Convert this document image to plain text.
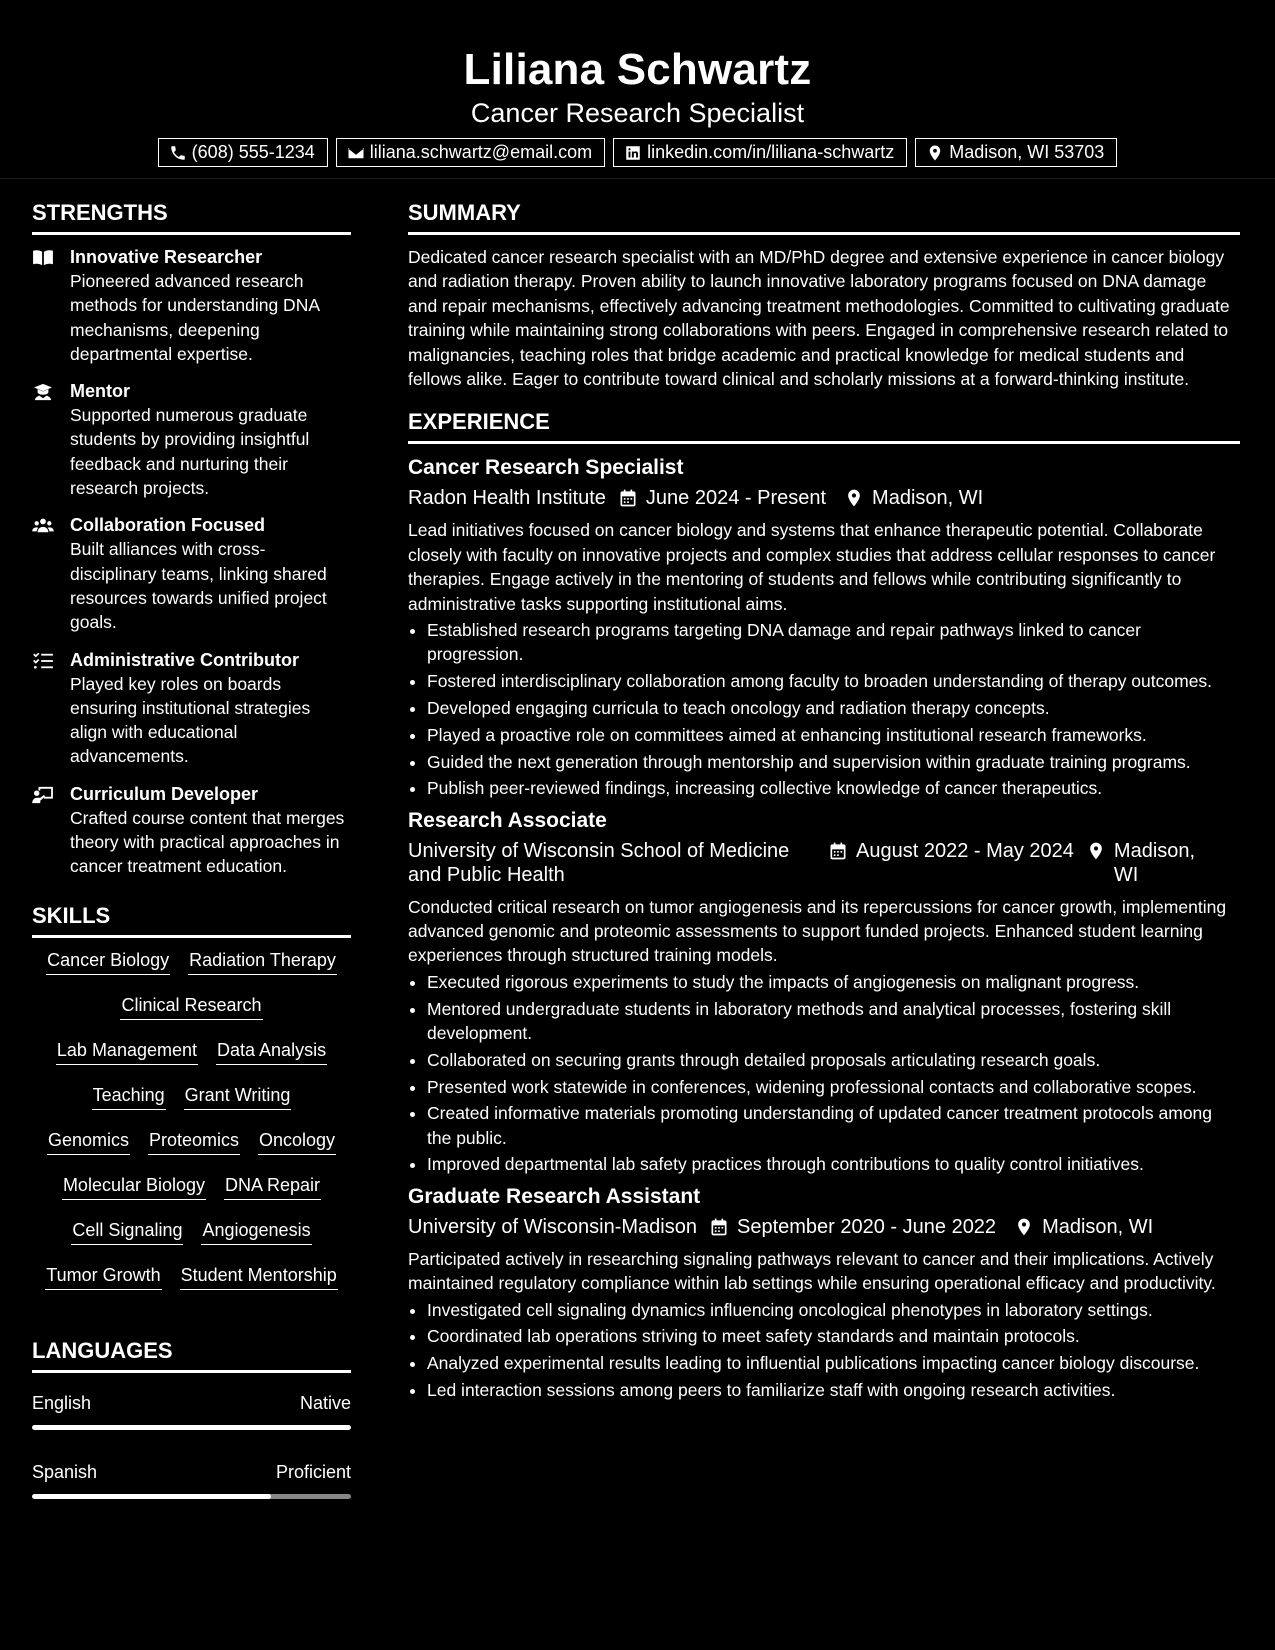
Liliana Schwartz
Cancer Research Specialist
(608) 555-1234	liliana.schwartz@email.com	linkedin.com/in/liliana-schwartz	Madison, WI 53703
STRENGTHS
Innovative Researcher
Pioneered advanced research methods for understanding DNA mechanisms, deepening departmental expertise.
Mentor
Supported numerous graduate students by providing insightful feedback and nurturing their research projects.
Collaboration Focused
Built alliances with cross-disciplinary teams, linking shared resources towards unified project goals.
Administrative Contributor
Played key roles on boards ensuring institutional strategies align with educational advancements.
Curriculum Developer
Crafted course content that merges theory with practical approaches in cancer treatment education.
SKILLS
Cancer Biology Radiation Therapy
Clinical Research
Lab Management Data Analysis
Teaching Grant Writing
Genomics Proteomics Oncology
Molecular Biology DNA Repair
Cell Signaling Angiogenesis
Tumor Growth Student Mentorship
LANGUAGES
English	Native
Spanish	Proficient
SUMMARY
Dedicated cancer research specialist with an MD/PhD degree and extensive experience in cancer biology and radiation therapy. Proven ability to launch innovative laboratory programs focused on DNA damage and repair mechanisms, effectively advancing treatment methodologies. Committed to cultivating graduate training while maintaining strong collaborations with peers. Engaged in comprehensive research related to malignancies, teaching roles that bridge academic and practical knowledge for medical students and fellows alike. Eager to contribute toward clinical and scholarly missions at a forward-thinking institute.
EXPERIENCE
Cancer Research Specialist
Radon Health Institute June 2024 - Present Madison, WI
Lead initiatives focused on cancer biology and systems that enhance therapeutic potential. Collaborate closely with faculty on innovative projects and complex studies that address cellular responses to cancer therapies. Engage actively in the mentoring of students and fellows while contributing significantly to administrative tasks supporting institutional aims.
• Established research programs targeting DNA damage and repair pathways linked to cancer progression.
• Fostered interdisciplinary collaboration among faculty to broaden understanding of therapy outcomes.
• Developed engaging curricula to teach oncology and radiation therapy concepts.
• Played a proactive role on committees aimed at enhancing institutional research frameworks.
• Guided the next generation through mentorship and supervision within graduate training programs.
• Publish peer-reviewed findings, increasing collective knowledge of cancer therapeutics.
Research Associate
University of Wisconsin School of Medicine and Public Health
August 2022 - May 2024 Madison, WI
Conducted critical research on tumor angiogenesis and its repercussions for cancer growth, implementing advanced genomic and proteomic assessments to support funded projects. Enhanced student learning experiences through structured training models.
• Executed rigorous experiments to study the impacts of angiogenesis on malignant progress.
• Mentored undergraduate students in laboratory methods and analytical processes, fostering skill development.
• Collaborated on securing grants through detailed proposals articulating research goals.
• Presented work statewide in conferences, widening professional contacts and collaborative scopes.
• Created informative materials promoting understanding of updated cancer treatment protocols among the public.
• Improved departmental lab safety practices through contributions to quality control initiatives.
Graduate Research Assistant
University of Wisconsin-Madison September 2020 - June 2022 Madison, WI
Participated actively in researching signaling pathways relevant to cancer and their implications. Actively maintained regulatory compliance within lab settings while ensuring operational efficacy and productivity.
• Investigated cell signaling dynamics influencing oncological phenotypes in laboratory settings.
• Coordinated lab operations striving to meet safety standards and maintain protocols.
• Analyzed experimental results leading to influential publications impacting cancer biology discourse.
• Led interaction sessions among peers to familiarize staff with ongoing research activities.
